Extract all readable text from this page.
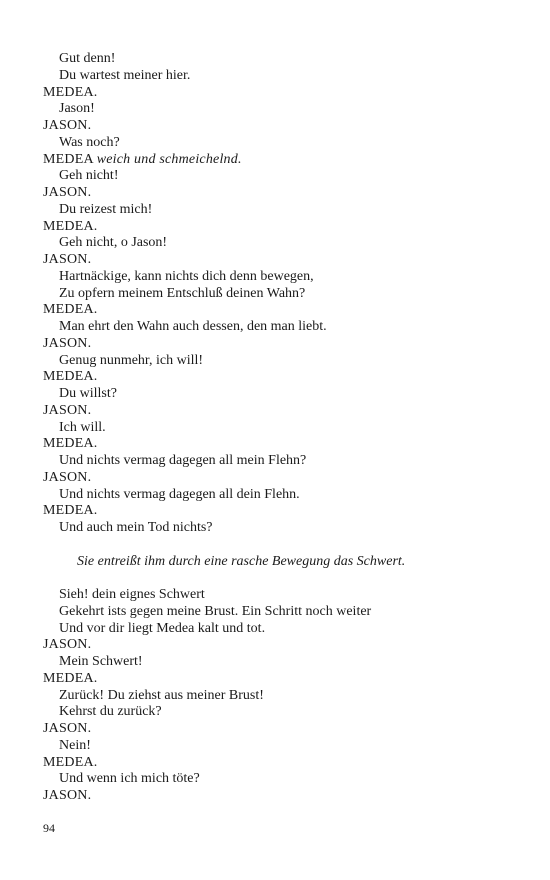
Gut denn!
Du wartest meiner hier.
MEDEA.
Jason!
JASON.
Was noch?
MEDEA weich und schmeichelnd.
Geh nicht!
JASON.
Du reizest mich!
MEDEA.
Geh nicht, o Jason!
JASON.
Hartnäckige, kann nichts dich denn bewegen,
Zu opfern meinem Entschluß deinen Wahn?
MEDEA.
Man ehrt den Wahn auch dessen, den man liebt.
JASON.
Genug nunmehr, ich will!
MEDEA.
Du willst?
JASON.
Ich will.
MEDEA.
Und nichts vermag dagegen all mein Flehn?
JASON.
Und nichts vermag dagegen all dein Flehn.
MEDEA.
Und auch mein Tod nichts?
Sie entreißt ihm durch eine rasche Bewegung das Schwert.
Sieh! dein eignes Schwert
Gekehrt ists gegen meine Brust. Ein Schritt noch weiter
Und vor dir liegt Medea kalt und tot.
JASON.
Mein Schwert!
MEDEA.
Zurück! Du ziehst aus meiner Brust!
Kehrst du zurück?
JASON.
Nein!
MEDEA.
Und wenn ich mich töte?
JASON.
94
